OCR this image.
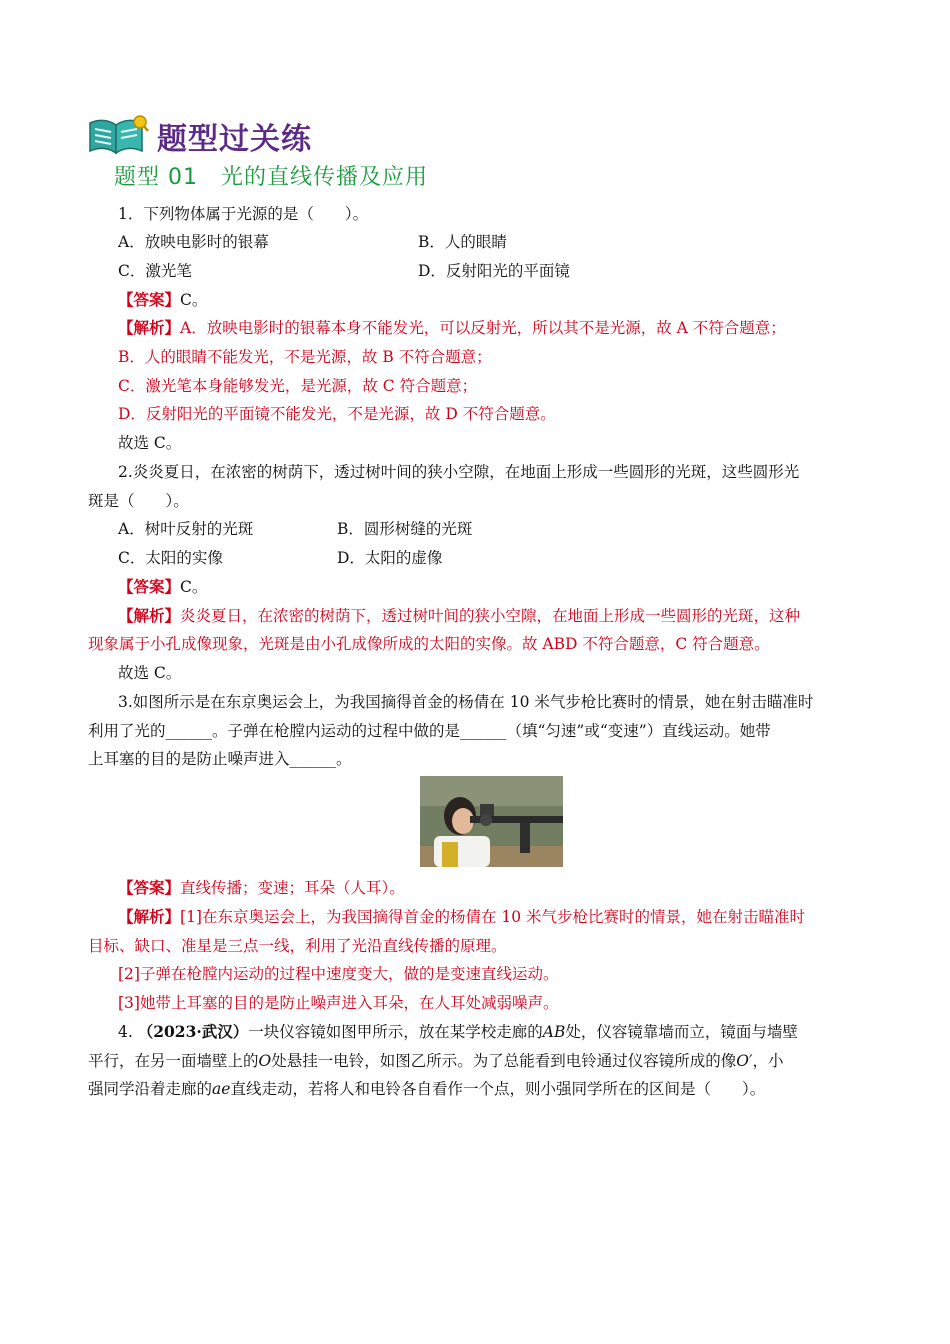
题型过关练
题型 01　光的直线传播及应用
1．下列物体属于光源的是（　　）。
A．放映电影时的银幕	B．人的眼睛
C．激光笔	D．反射阳光的平面镜
【答案】C。
【解析】A．放映电影时的银幕本身不能发光，可以反射光，所以其不是光源，故 A 不符合题意；
B．人的眼睛不能发光，不是光源，故 B 不符合题意；
C．激光笔本身能够发光，是光源，故 C 符合题意；
D．反射阳光的平面镜不能发光，不是光源，故 D 不符合题意。
故选 C。
2.炎炎夏日，在浓密的树荫下，透过树叶间的狭小空隙，在地面上形成一些圆形的光斑，这些圆形光
斑是（　　）。
A．树叶反射的光斑	B．圆形树缝的光斑
C．太阳的实像	D．太阳的虚像
【答案】C。
【解析】炎炎夏日，在浓密的树荫下，透过树叶间的狭小空隙，在地面上形成一些圆形的光斑，这种
现象属于小孔成像现象，光斑是由小孔成像所成的太阳的实像。故 ABD 不符合题意，C 符合题意。
故选 C。
3.如图所示是在东京奥运会上，为我国摘得首金的杨倩在 10 米气步枪比赛时的情景，她在射击瞄准时
利用了光的______。子弹在枪膛内运动的过程中做的是______（填“匀速”或“变速”）直线运动。她带
上耳塞的目的是防止噪声进入______。
【答案】直线传播；变速；耳朵（人耳）。
【解析】[1]在东京奥运会上，为我国摘得首金的杨倩在 10 米气步枪比赛时的情景，她在射击瞄准时
目标、缺口、准星是三点一线，利用了光沿直线传播的原理。
[2]子弹在枪膛内运动的过程中速度变大，做的是变速直线运动。
[3]她带上耳塞的目的是防止噪声进入耳朵，在人耳处减弱噪声。
4. （2023·武汉）一块仪容镜如图甲所示，放在某学校走廊的AB处，仪容镜靠墙而立，镜面与墙壁
平行，在另一面墙壁上的O处悬挂一电铃，如图乙所示。为了总能看到电铃通过仪容镜所成的像O′，小
强同学沿着走廊的ae直线走动，若将人和电铃各自看作一个点，则小强同学所在的区间是（　　）。
